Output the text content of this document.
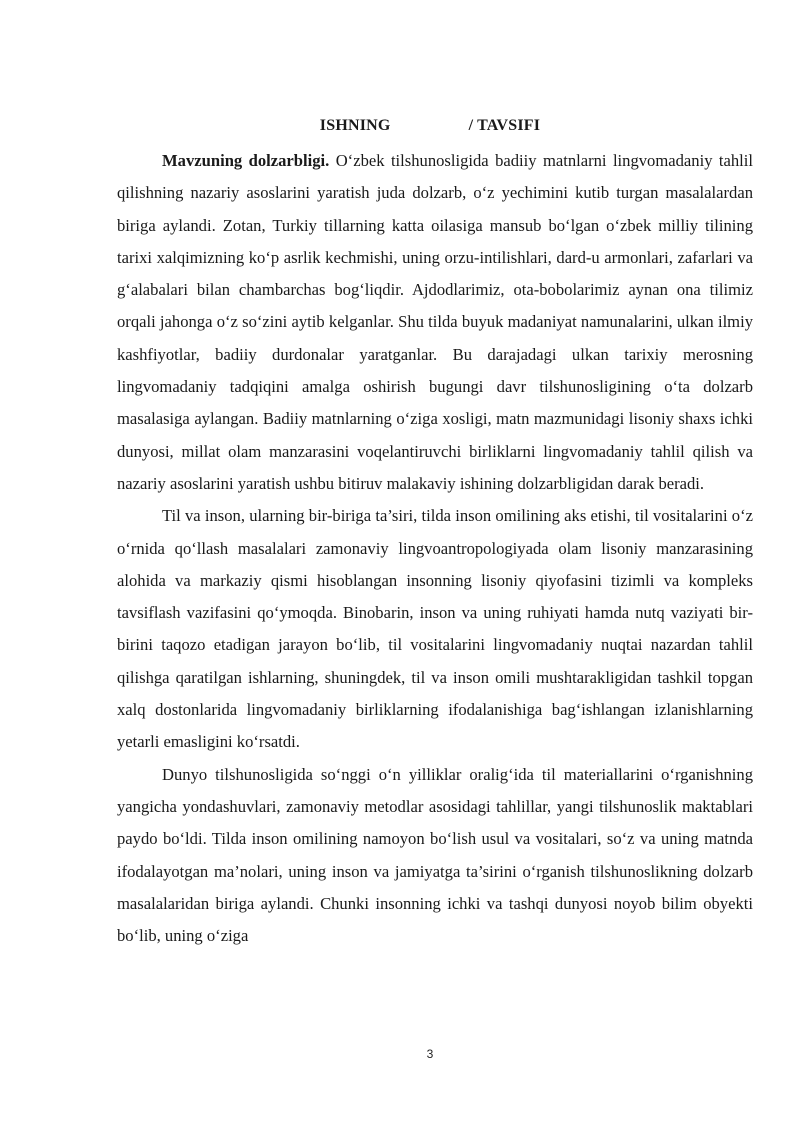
ISHNING	/ TAVSIFI

Mavzuning dolzarbligi. O‘zbek tilshunosligida badiiy matnlarni lingvomadaniy tahlil qilishning nazariy asoslarini yaratish juda dolzarb, o‘z yechimini kutib turgan masalalardan biriga aylandi. Zotan, Turkiy tillarning katta oilasiga mansub bo‘lgan o‘zbek milliy tilining tarixi xalqimizning ko‘p asrlik kechmishi, uning orzu-intilishlari, dard-u armonlari, zafarlari va g‘alabalari bilan chambarchas bog‘liqdir. Ajdodlarimiz, ota-bobolarimiz aynan ona tilimiz orqali jahonga o‘z so‘zini aytib kelganlar. Shu tilda buyuk madaniyat namunalarini, ulkan ilmiy kashfiyotlar, badiiy durdonalar yaratganlar. Bu darajadagi ulkan tarixiy merosning lingvomadaniy tadqiqini amalga oshirish bugungi davr tilshunosligining o‘ta dolzarb masalasiga aylangan. Badiiy matnlarning o‘ziga xosligi, matn mazmunidagi lisoniy shaxs ichki dunyosi, millat olam manzarasini voqelantiruvchi birliklarni lingvomadaniy tahlil qilish va nazariy asoslarini yaratish ushbu bitiruv malakaviy ishining dolzarbligidan darak beradi.

Til va inson, ularning bir-biriga ta’siri, tilda inson omilining aks etishi, til vositalarini o‘z o‘rnida qo‘llash masalalari zamonaviy lingvoantropologiyada olam lisoniy manzarasining alohida va markaziy qismi hisoblangan insonning lisoniy qiyofasini tizimli va kompleks tavsiflash vazifasini qo‘ymoqda. Binobarin, inson va uning ruhiyati hamda nutq vaziyati bir-birini taqozo etadigan jarayon bo‘lib, til vositalarini lingvomadaniy nuqtai nazardan tahlil qilishga qaratilgan ishlarning, shuningdek, til va inson omili mushtarakligidan tashkil topgan xalq dostonlarida lingvomadaniy birliklarning ifodalanishiga bag‘ishlangan izlanishlarning yetarli emasligini ko‘rsatdi.

Dunyo tilshunosligida so‘nggi o‘n yilliklar oralig‘ida til materiallarini o‘rganishning yangicha yondashuvlari, zamonaviy metodlar asosidagi tahlillar, yangi tilshunoslik maktablari paydo bo‘ldi. Tilda inson omilining namoyon bo‘lish usul va vositalari, so‘z va uning matnda ifodalayotgan ma’nolari, uning inson va jamiyatga ta’sirini o‘rganish tilshunoslikning dolzarb masalalaridan biriga aylandi. Chunki insonning ichki va tashqi dunyosi noyob bilim obyekti bo‘lib, uning o‘ziga

3
